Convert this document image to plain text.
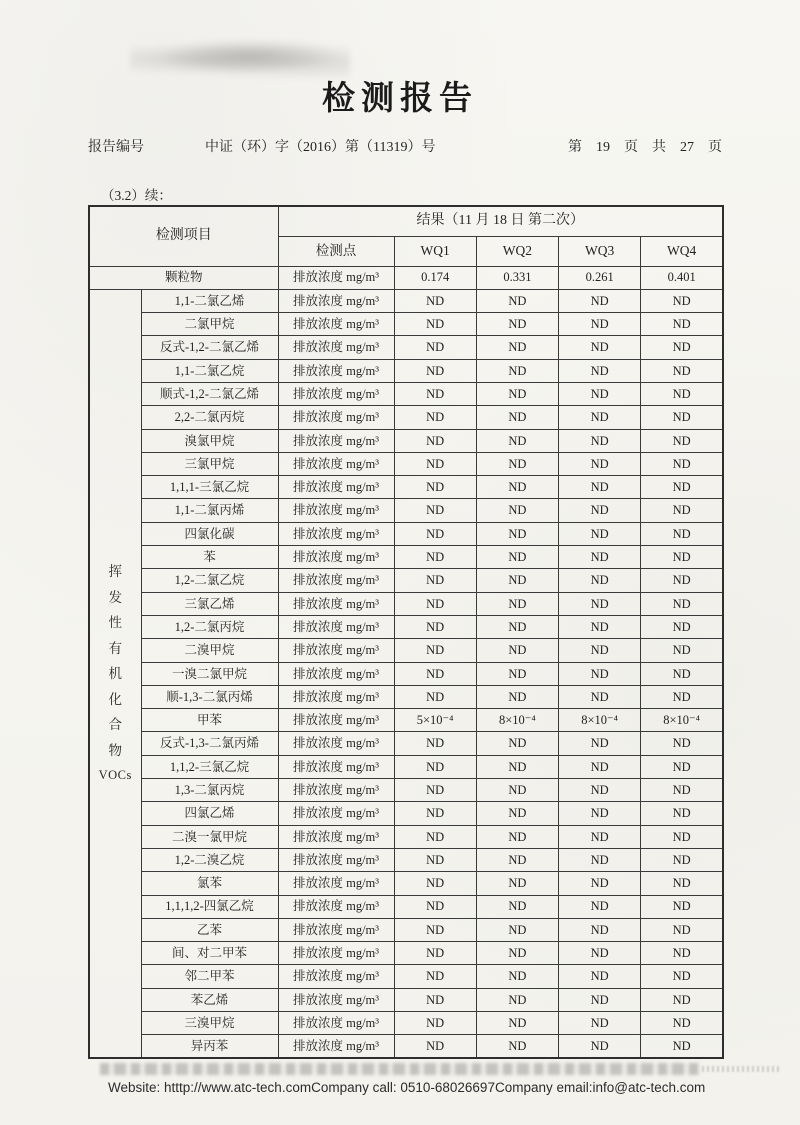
检测报告
报告编号	中证（环）字（2016）第（11319）号	第    19    页    共    27    页
（3.2）续：
检测项目		结果（11 月 18 日 第二次）				
		检测点	WQ1	WQ2	WQ3	WQ4
颗粒物		排放浓度 mg/m³	0.174	0.331	0.261	0.401

挥
发
性
有
机
化
合
物
VOCs
	1,1-二氯乙烯	排放浓度 mg/m³	ND	ND	ND	ND
	二氯甲烷	排放浓度 mg/m³	ND	ND	ND	ND
	反式-1,2-二氯乙烯	排放浓度 mg/m³	ND	ND	ND	ND
	1,1-二氯乙烷	排放浓度 mg/m³	ND	ND	ND	ND
	顺式-1,2-二氯乙烯	排放浓度 mg/m³	ND	ND	ND	ND
	2,2-二氯丙烷	排放浓度 mg/m³	ND	ND	ND	ND
	溴氯甲烷	排放浓度 mg/m³	ND	ND	ND	ND
	三氯甲烷	排放浓度 mg/m³	ND	ND	ND	ND
	1,1,1-三氯乙烷	排放浓度 mg/m³	ND	ND	ND	ND
	1,1-二氯丙烯	排放浓度 mg/m³	ND	ND	ND	ND
	四氯化碳	排放浓度 mg/m³	ND	ND	ND	ND
	苯	排放浓度 mg/m³	ND	ND	ND	ND
	1,2-二氯乙烷	排放浓度 mg/m³	ND	ND	ND	ND
	三氯乙烯	排放浓度 mg/m³	ND	ND	ND	ND
	1,2-二氯丙烷	排放浓度 mg/m³	ND	ND	ND	ND
	二溴甲烷	排放浓度 mg/m³	ND	ND	ND	ND
	一溴二氯甲烷	排放浓度 mg/m³	ND	ND	ND	ND
	顺-1,3-二氯丙烯	排放浓度 mg/m³	ND	ND	ND	ND
	甲苯	排放浓度 mg/m³	5×10⁻⁴	8×10⁻⁴	8×10⁻⁴	8×10⁻⁴
	反式-1,3-二氯丙烯	排放浓度 mg/m³	ND	ND	ND	ND
	1,1,2-三氯乙烷	排放浓度 mg/m³	ND	ND	ND	ND
	1,3-二氯丙烷	排放浓度 mg/m³	ND	ND	ND	ND
	四氯乙烯	排放浓度 mg/m³	ND	ND	ND	ND
	二溴一氯甲烷	排放浓度 mg/m³	ND	ND	ND	ND
	1,2-二溴乙烷	排放浓度 mg/m³	ND	ND	ND	ND
	氯苯	排放浓度 mg/m³	ND	ND	ND	ND
	1,1,1,2-四氯乙烷	排放浓度 mg/m³	ND	ND	ND	ND
	乙苯	排放浓度 mg/m³	ND	ND	ND	ND
	间、对二甲苯	排放浓度 mg/m³	ND	ND	ND	ND
	邻二甲苯	排放浓度 mg/m³	ND	ND	ND	ND
	苯乙烯	排放浓度 mg/m³	ND	ND	ND	ND
	三溴甲烷	排放浓度 mg/m³	ND	ND	ND	ND
	异丙苯	排放浓度 mg/m³	ND	ND	ND	ND
Website: htttp://www.atc-tech.comCompany call: 0510-68026697Company email:info@atc-tech.com
